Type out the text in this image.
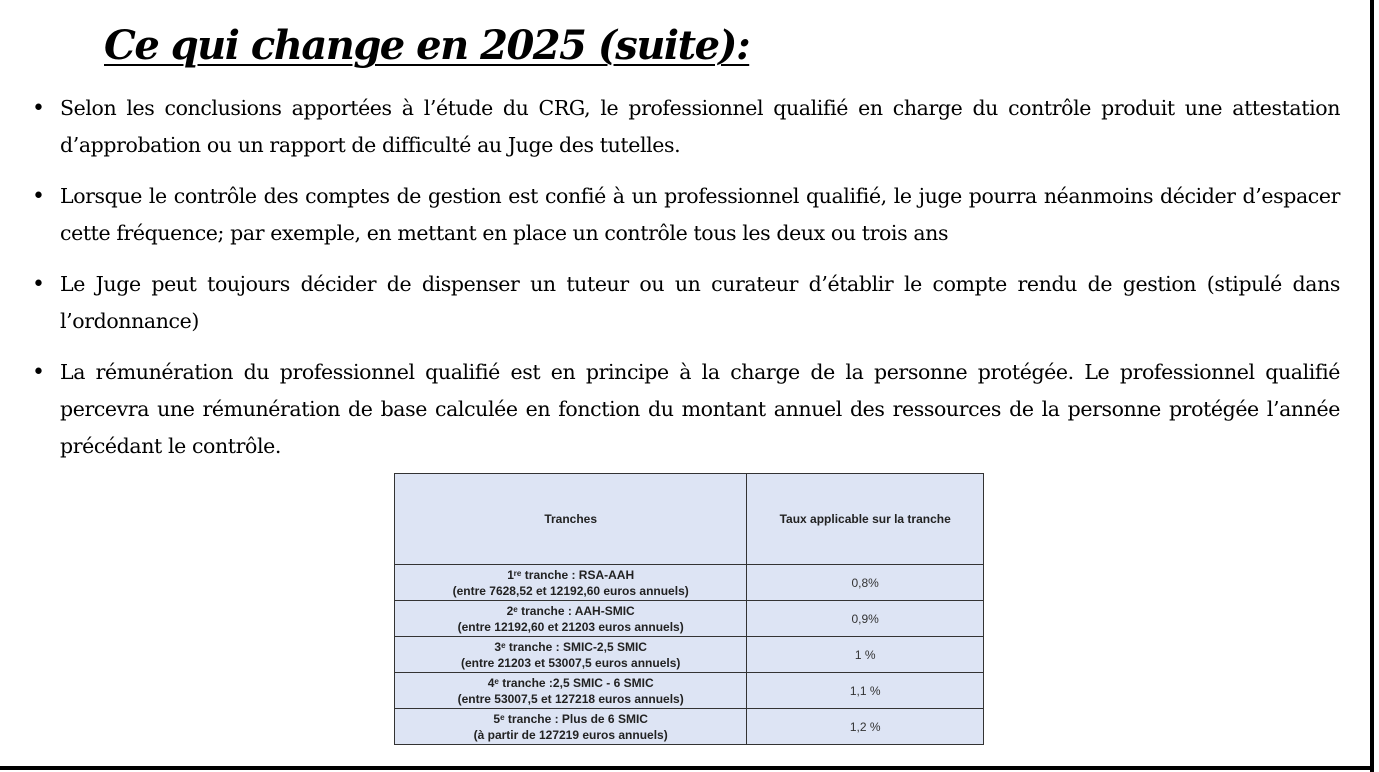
Ce qui change en 2025 (suite):
• Selon les conclusions apportées à l’étude du CRG, le professionnel qualifié en charge du contrôle produit une attestation d’approbation ou un rapport de difficulté au Juge des tutelles.
• Lorsque le contrôle des comptes de gestion est confié à un professionnel qualifié, le juge pourra néanmoins décider d’espacer cette fréquence; par exemple, en mettant en place un contrôle tous les deux ou trois ans
• Le Juge peut toujours décider de dispenser un tuteur ou un curateur d’établir le compte rendu de gestion (stipulé dans l’ordonnance)
• La rémunération du professionnel qualifié est en principe à la charge de la personne protégée. Le professionnel qualifié percevra une rémunération de base calculée en fonction du montant annuel des ressources de la personne protégée l’année précédant le contrôle.
Tranches	Taux applicable sur la tranche
1ʳᵉ tranche : RSA-AAH
(entre 7628,52 et 12192,60 euros annuels)	0,8%
2ᵉ tranche : AAH-SMIC
(entre 12192,60 et 21203 euros annuels)	0,9%
3ᵉ tranche : SMIC-2,5 SMIC
(entre 21203 et 53007,5 euros annuels)	1 %
4ᵉ tranche :2,5 SMIC - 6 SMIC
(entre 53007,5 et 127218 euros annuels)	1,1 %
5ᵉ tranche : Plus de 6 SMIC
(à partir de 127219 euros annuels)	1,2 %
